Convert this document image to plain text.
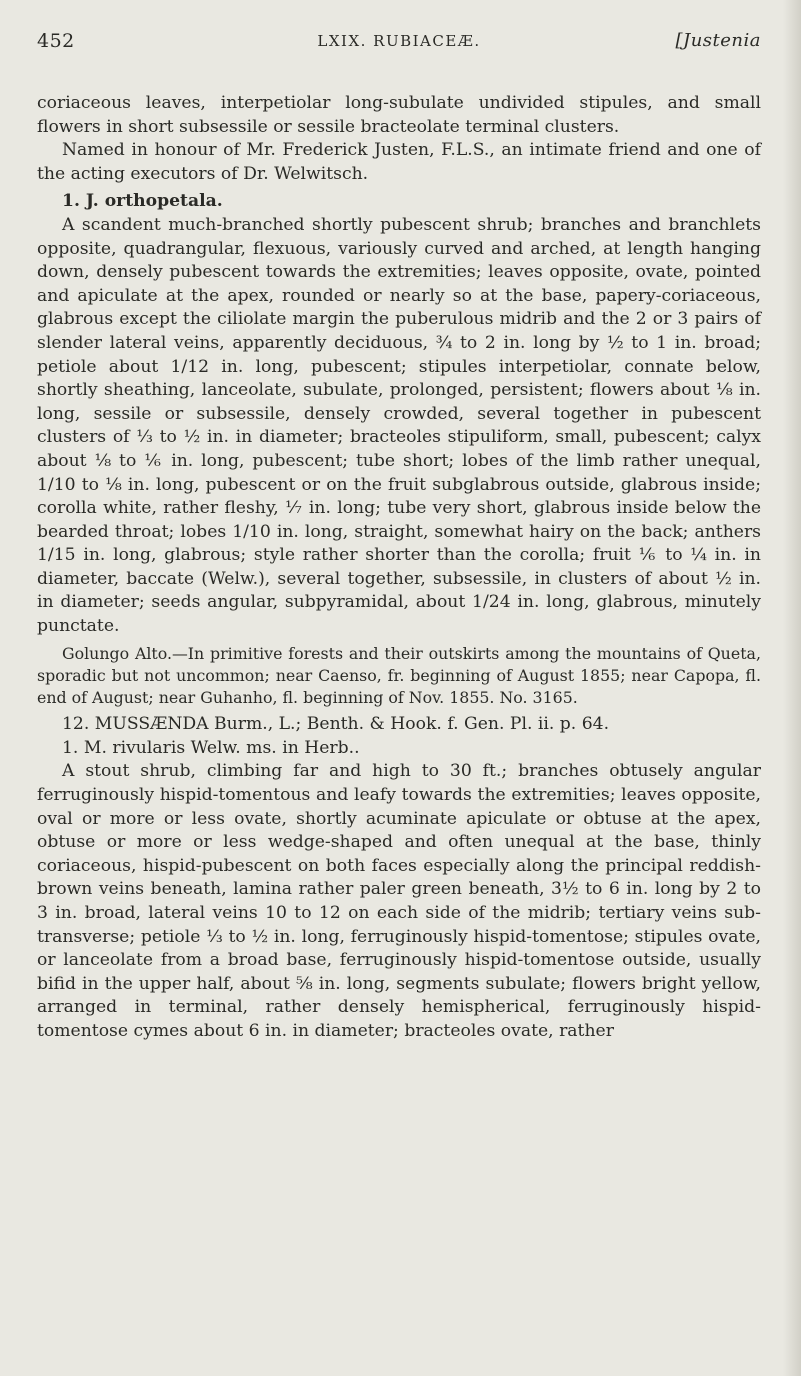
452	LXIX. RUBIACEÆ.	[Justenia

coriaceous leaves, interpetiolar long-subulate undivided stipules, and small flowers in short subsessile or sessile bracteolate terminal clusters.

Named in honour of Mr. Frederick Justen, F.L.S., an intimate friend and one of the acting executors of Dr. Welwitsch.

1. J. orthopetala.

A scandent much-branched shortly pubescent shrub; branches and branchlets opposite, quadrangular, flexuous, variously curved and arched, at length hanging down, densely pubescent towards the extremities; leaves opposite, ovate, pointed and apiculate at the apex, rounded or nearly so at the base, papery-coriaceous, glabrous except the ciliolate margin the puberulous midrib and the 2 or 3 pairs of slender lateral veins, apparently deciduous, ¾ to 2 in. long by ½ to 1 in. broad; petiole about 1/12 in. long, pubescent; stipules interpetiolar, connate below, shortly sheathing, lanceolate, subulate, prolonged, persistent; flowers about ⅛ in. long, sessile or subsessile, densely crowded, several together in pubescent clusters of ⅓ to ½ in. in diameter; bracteoles stipuliform, small, pubescent; calyx about ⅛ to ⅙ in. long, pubescent; tube short; lobes of the limb rather unequal, 1/10 to ⅛ in. long, pubescent or on the fruit subglabrous outside, glabrous inside; corolla white, rather fleshy, ⅐ in. long; tube very short, glabrous inside below the bearded throat; lobes 1/10 in. long, straight, somewhat hairy on the back; anthers 1/15 in. long, glabrous; style rather shorter than the corolla; fruit ⅙ to ¼ in. in diameter, baccate (Welw.), several together, subsessile, in clusters of about ½ in. in diameter; seeds angular, subpyramidal, about 1/24 in. long, glabrous, minutely punctate.

Golungo Alto.—In primitive forests and their outskirts among the mountains of Queta, sporadic but not uncommon; near Caenso, fr. beginning of August 1855; near Capopa, fl. end of August; near Guhanho, fl. beginning of Nov. 1855. No. 3165.

12. MUSSÆNDA Burm., L.; Benth. & Hook. f. Gen. Pl. ii. p. 64.

1. M. rivularis Welw. ms. in Herb..

A stout shrub, climbing far and high to 30 ft.; branches obtusely angular ferruginously hispid-tomentous and leafy towards the extremities; leaves opposite, oval or more or less ovate, shortly acuminate apiculate or obtuse at the apex, obtuse or more or less wedge-shaped and often unequal at the base, thinly coriaceous, hispid-pubescent on both faces especially along the principal reddish-brown veins beneath, lamina rather paler green beneath, 3½ to 6 in. long by 2 to 3 in. broad, lateral veins 10 to 12 on each side of the midrib; tertiary veins sub-transverse; petiole ⅓ to ½ in. long, ferruginously hispid-tomentose; stipules ovate, or lanceolate from a broad base, ferruginously hispid-tomentose outside, usually bifid in the upper half, about ⅝ in. long, segments subulate; flowers bright yellow, arranged in terminal, rather densely hemispherical, ferruginously hispid-tomentose cymes about 6 in. in diameter; bracteoles ovate, rather
